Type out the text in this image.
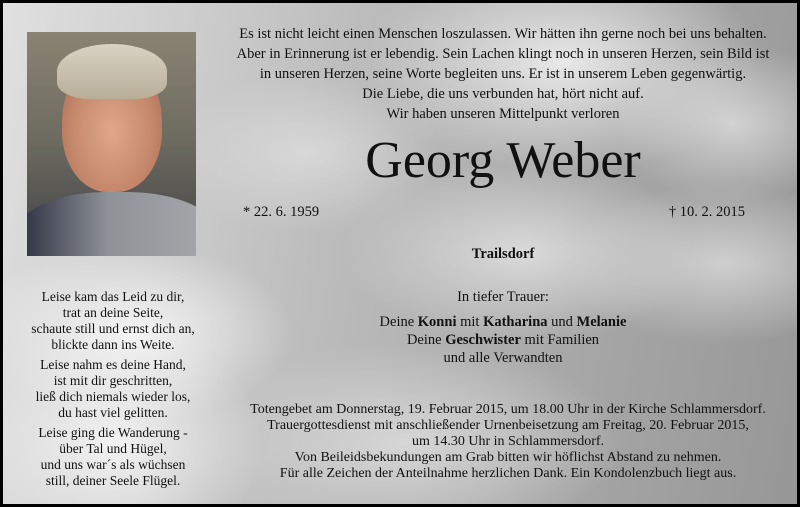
Es ist nicht leicht einen Menschen loszulassen. Wir hätten ihn gerne noch bei uns behalten.
Aber in Erinnerung ist er lebendig. Sein Lachen klingt noch in unseren Herzen, sein Bild ist
in unseren Herzen, seine Worte begleiten uns. Er ist in unserem Leben gegenwärtig.
Die Liebe, die uns verbunden hat, hört nicht auf.
Wir haben unseren Mittelpunkt verloren
Georg Weber
* 22. 6. 1959	† 10. 2. 2015
Trailsdorf
In tiefer Trauer:
Deine Konni mit Katharina und Melanie
Deine Geschwister mit Familien
und alle Verwandten
Totengebet am Donnerstag, 19. Februar 2015, um 18.00 Uhr in der Kirche Schlammersdorf.
Trauergottesdienst mit anschließender Urnenbeisetzung am Freitag, 20. Februar 2015,
um 14.30 Uhr in Schlammersdorf.
Von Beileidsbekundungen am Grab bitten wir höflichst Abstand zu nehmen.
Für alle Zeichen der Anteilnahme herzlichen Dank. Ein Kondolenzbuch liegt aus.
Leise kam das Leid zu dir,
trat an deine Seite,
schaute still und ernst dich an,
blickte dann ins Weite.
Leise nahm es deine Hand,
ist mit dir geschritten,
ließ dich niemals wieder los,
du hast viel gelitten.
Leise ging die Wanderung -
über Tal und Hügel,
und uns war´s als wüchsen
still, deiner Seele Flügel.
